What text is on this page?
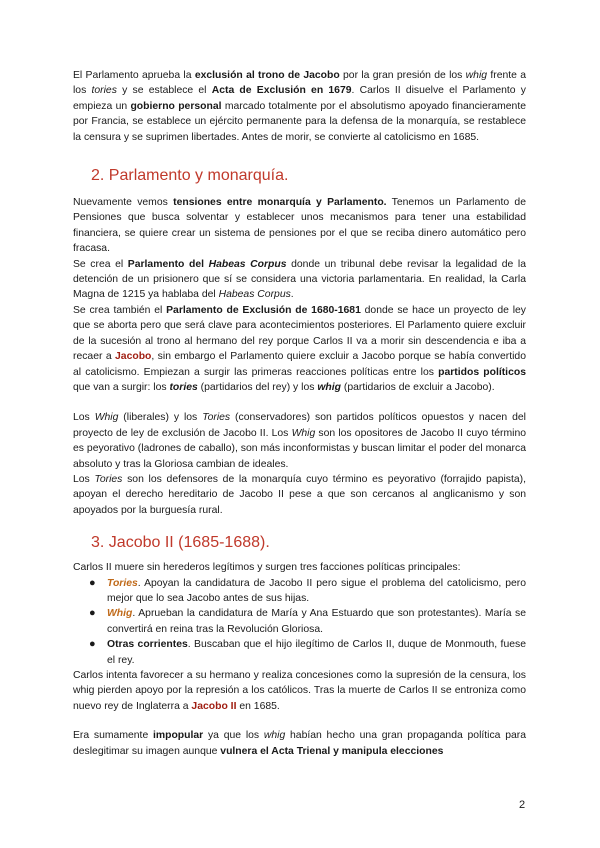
El Parlamento aprueba la exclusión al trono de Jacobo por la gran presión de los whig frente a los tories y se establece el Acta de Exclusión en 1679. Carlos II disuelve el Parlamento y empieza un gobierno personal marcado totalmente por el absolutismo apoyado financieramente por Francia, se establece un ejército permanente para la defensa de la monarquía, se restablece la censura y se suprimen libertades. Antes de morir, se convierte al catolicismo en 1685.

2. Parlamento y monarquía.

Nuevamente vemos tensiones entre monarquía y Parlamento. Tenemos un Parlamento de Pensiones que busca solventar y establecer unos mecanismos para tener una estabilidad financiera, se quiere crear un sistema de pensiones por el que se reciba dinero automático pero fracasa.

Se crea el Parlamento del Habeas Corpus donde un tribunal debe revisar la legalidad de la detención de un prisionero que sí se considera una victoria parlamentaria. En realidad, la Carla Magna de 1215 ya hablaba del Habeas Corpus.

Se crea también el Parlamento de Exclusión de 1680-1681 donde se hace un proyecto de ley que se aborta pero que será clave para acontecimientos posteriores. El Parlamento quiere excluir de la sucesión al trono al hermano del rey porque Carlos II va a morir sin descendencia e iba a recaer a Jacobo, sin embargo el Parlamento quiere excluir a Jacobo porque se había convertido al catolicismo. Empiezan a surgir las primeras reacciones políticas entre los partidos políticos que van a surgir: los tories (partidarios del rey) y los whig (partidarios de excluir a Jacobo).

Los Whig (liberales) y los Tories (conservadores) son partidos políticos opuestos y nacen del proyecto de ley de exclusión de Jacobo II. Los Whig son los opositores de Jacobo II cuyo término es peyorativo (ladrones de caballo), son más inconformistas y buscan limitar el poder del monarca absoluto y tras la Gloriosa cambian de ideales.

Los Tories son los defensores de la monarquía cuyo término es peyorativo (forrajido papista), apoyan el derecho hereditario de Jacobo II pese a que son cercanos al anglicanismo y son apoyados por la burguesía rural.

3. Jacobo II (1685-1688).

Carlos II muere sin herederos legítimos y surgen tres facciones políticas principales:

● Tories. Apoyan la candidatura de Jacobo II pero sigue el problema del catolicismo, pero mejor que lo sea Jacobo antes de sus hijas.
● Whig. Aprueban la candidatura de María y Ana Estuardo que son protestantes). María se convertirá en reina tras la Revolución Gloriosa.
● Otras corrientes. Buscaban que el hijo ilegítimo de Carlos II, duque de Monmouth, fuese el rey.

Carlos intenta favorecer a su hermano y realiza concesiones como la supresión de la censura, los whig pierden apoyo por la represión a los católicos. Tras la muerte de Carlos II se entroniza como nuevo rey de Inglaterra a Jacobo II en 1685.

Era sumamente impopular ya que los whig habían hecho una gran propaganda política para deslegitimar su imagen aunque vulnera el Acta Trienal y manipula elecciones

2
